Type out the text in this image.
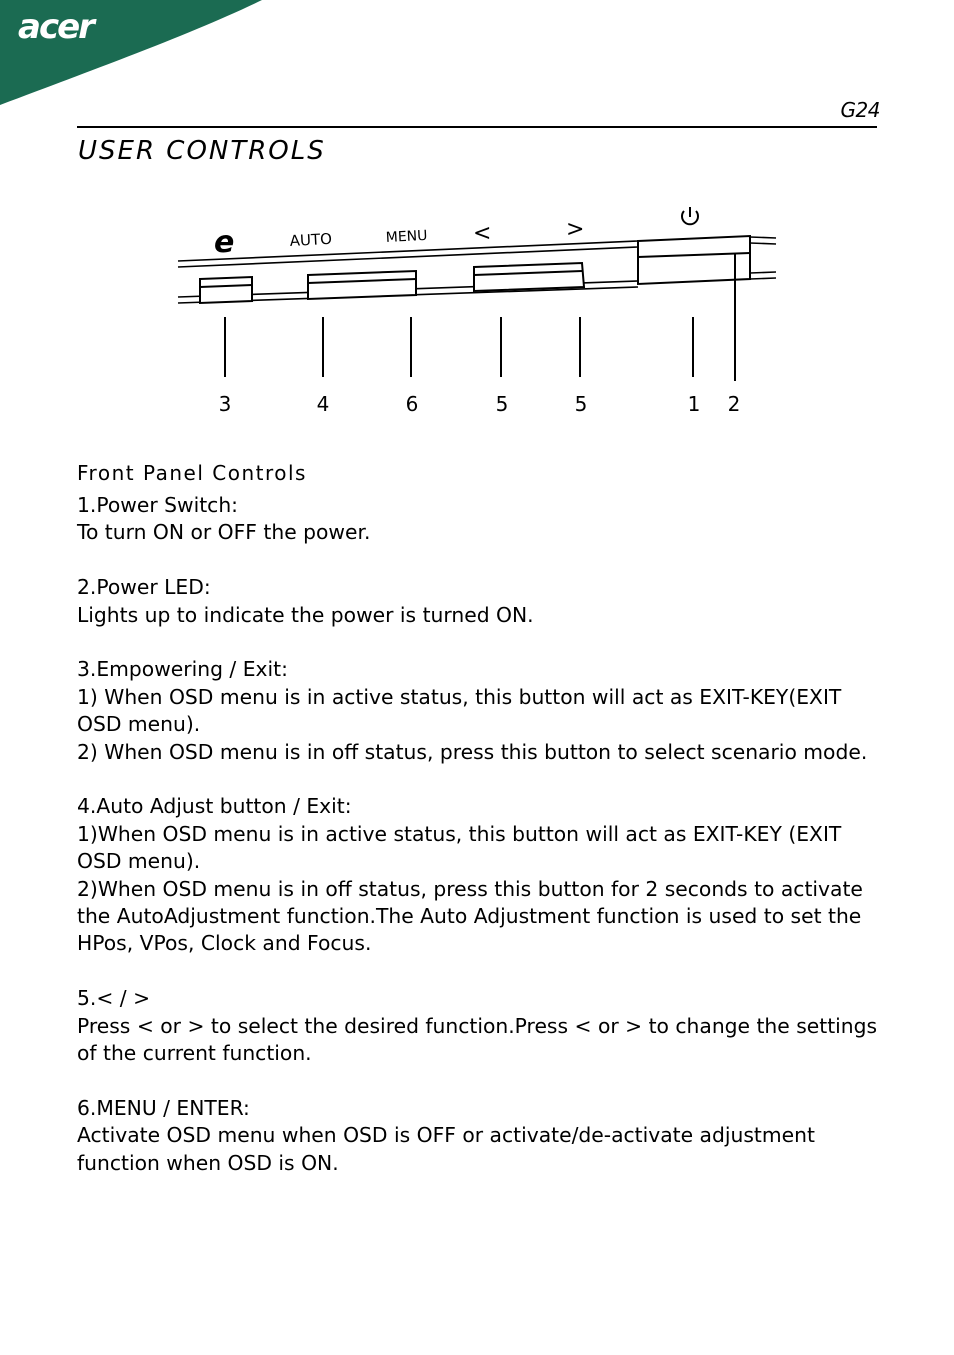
acer
G24
USER CONTROLS
e	AUTO	MENU <	>
3	4	6	5	5	1 2
Front Panel Controls
1.Power Switch:
To turn ON or OFF the power.
2.Power LED:
Lights up to indicate the power is turned ON.
3.Empowering / Exit:
1) When OSD menu is in active status, this button will act as EXIT-KEY(EXIT OSD menu).
2) When OSD menu is in off status, press this button to select scenario mode.
4.Auto Adjust button / Exit:
1)When OSD menu is in active status, this button will act as EXIT-KEY (EXIT OSD menu).
2)When OSD menu is in off status, press this button for 2 seconds to activate the AutoAdjustment function.The Auto Adjustment function is used to set the HPos, VPos, Clock and Focus.
5.< / >
Press < or > to select the desired function.Press < or > to change the settings of the current function.
6.MENU / ENTER:
Activate OSD menu when OSD is OFF or activate/de-activate adjustment function when OSD is ON.
